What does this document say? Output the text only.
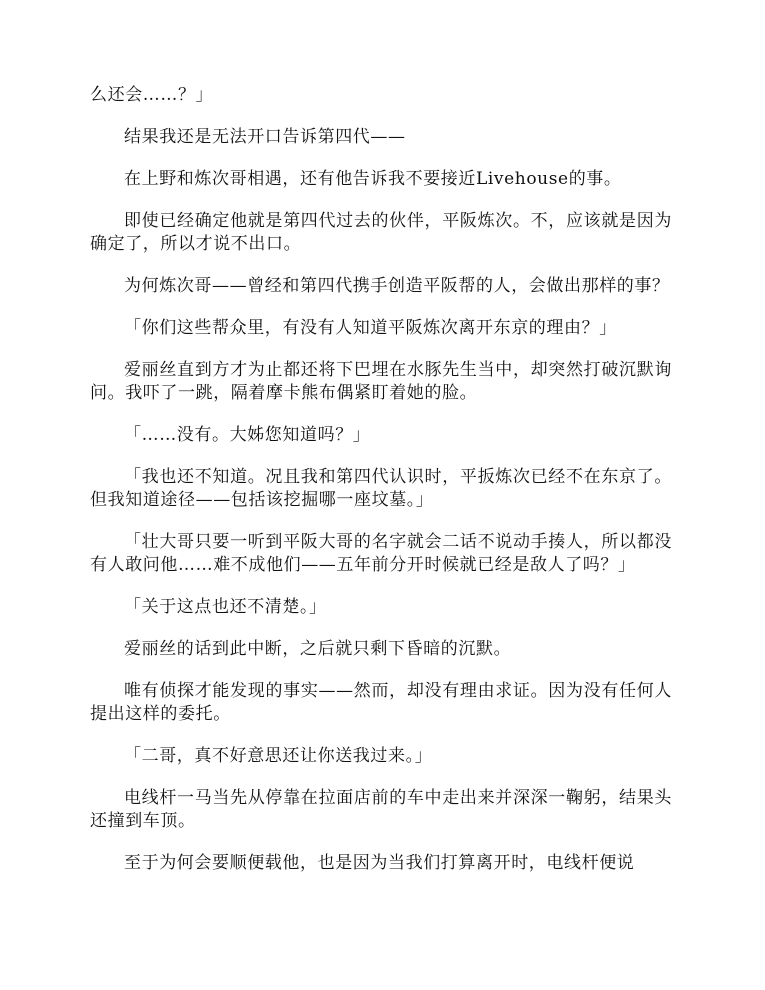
么还会……？」

结果我还是无法开口告诉第四代——

在上野和炼次哥相遇，还有他告诉我不要接近Livehouse的事。

即使已经确定他就是第四代过去的伙伴，平阪炼次。不，应该就是因为确定了，所以才说不出口。

为何炼次哥——曾经和第四代携手创造平阪帮的人，会做出那样的事？

「你们这些帮众里，有没有人知道平阪炼次离开东京的理由？」

爱丽丝直到方才为止都还将下巴埋在水豚先生当中，却突然打破沉默询问。我吓了一跳，隔着摩卡熊布偶紧盯着她的脸。

「……没有。大姊您知道吗？」

「我也还不知道。况且我和第四代认识时，平扳炼次已经不在东京了。但我知道途径——包括该挖掘哪一座坟墓。」

「壮大哥只要一听到平阪大哥的名字就会二话不说动手揍人，所以都没有人敢问他……难不成他们——五年前分开时候就已经是敌人了吗？」

「关于这点也还不清楚。」

爱丽丝的话到此中断，之后就只剩下昏暗的沉默。

唯有侦探才能发现的事实——然而，却没有理由求证。因为没有任何人提出这样的委托。

「二哥，真不好意思还让你送我过来。」

电线杆一马当先从停靠在拉面店前的车中走出来并深深一鞠躬，结果头还撞到车顶。

至于为何会要顺便载他，也是因为当我们打算离开时，电线杆便说
